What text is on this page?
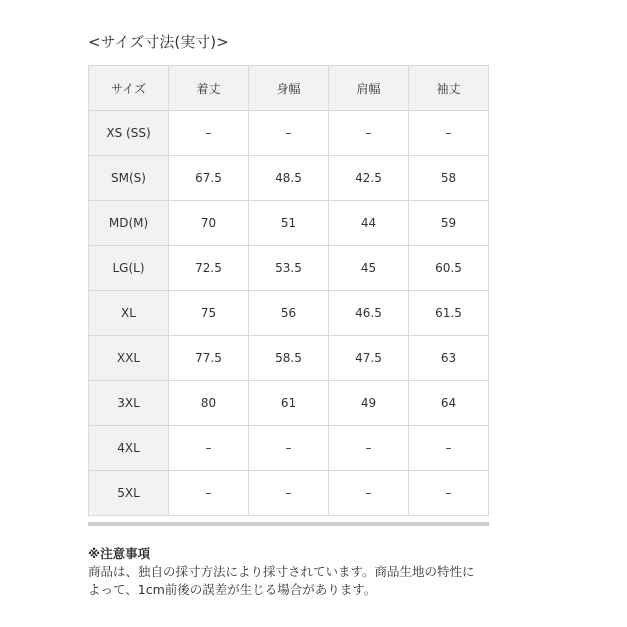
<サイズ寸法(実寸)>
サイズ	着丈	身幅	肩幅	袖丈
XS (SS)	–	–	–	–
SM(S)	67.5	48.5	42.5	58
MD(M)	70	51	44	59
LG(L)	72.5	53.5	45	60.5
XL	75	56	46.5	61.5
XXL	77.5	58.5	47.5	63
3XL	80	61	49	64
4XL	–	–	–	–
5XL	–	–	–	–
※注意事項
商品は、独自の採寸方法により採寸されています。商品生地の特性に
よって、1cm前後の誤差が生じる場合があります。
